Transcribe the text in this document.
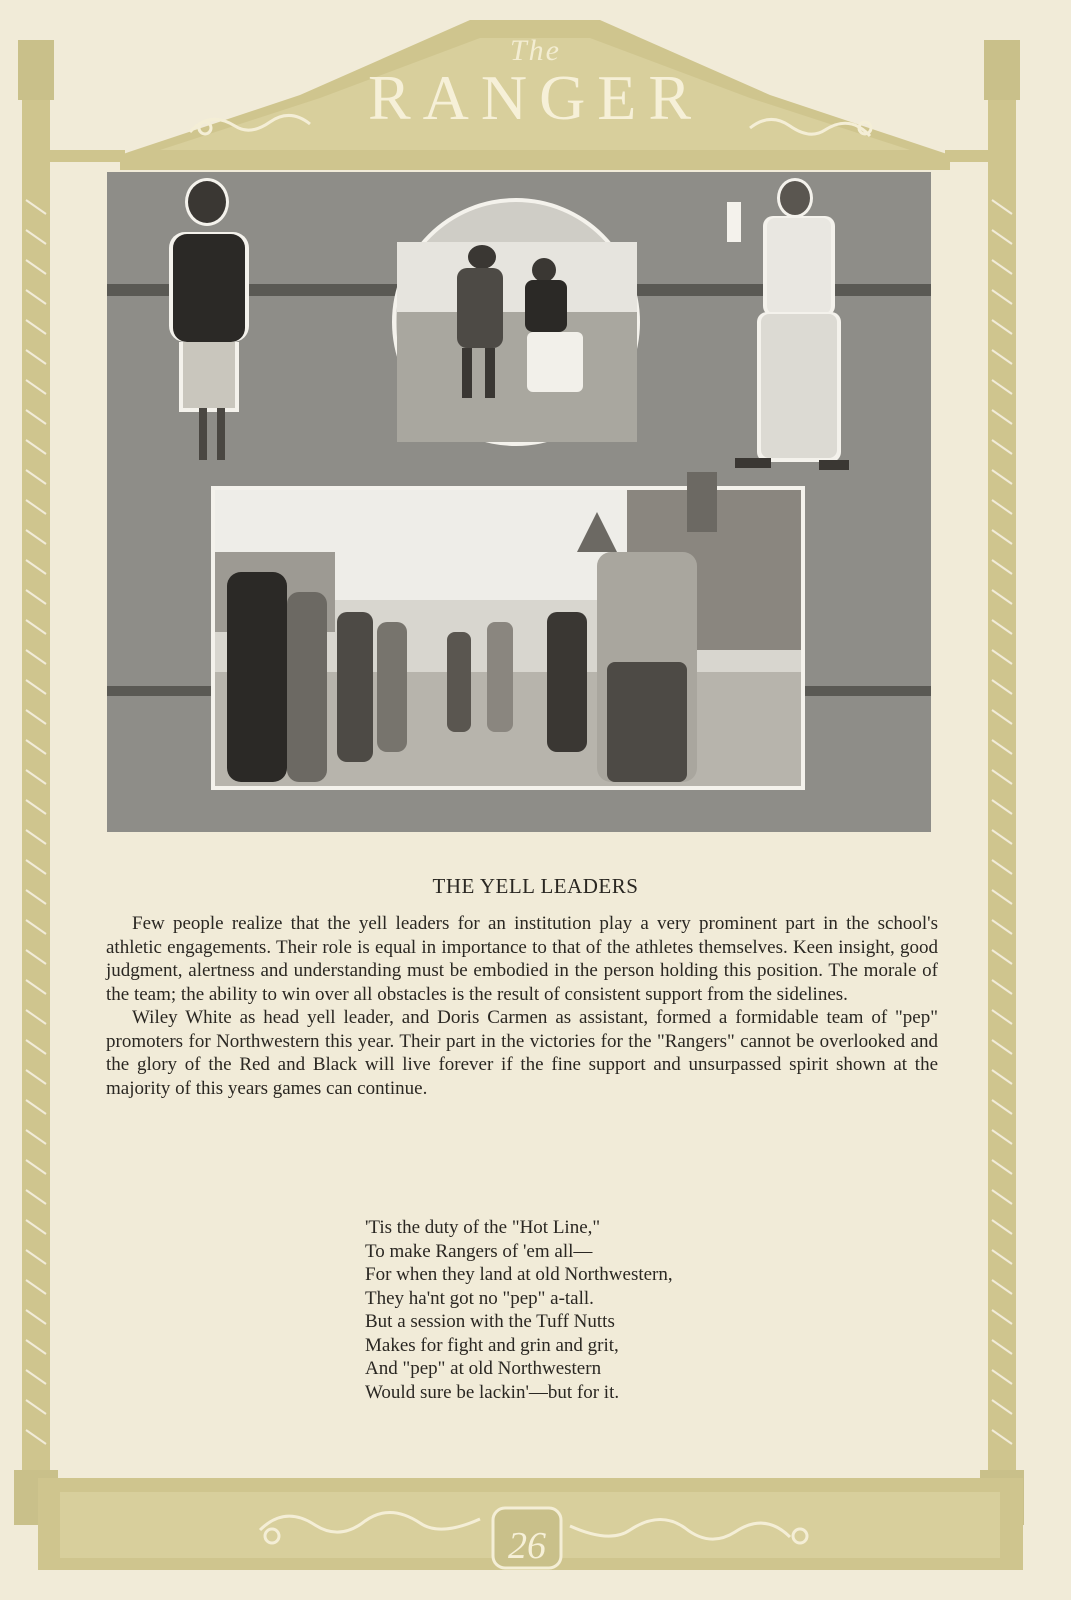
The
RANGER
THE YELL LEADERS

Few people realize that the yell leaders for an institution play a very prominent part in the school's athletic engagements. Their role is equal in importance to that of the athletes themselves. Keen insight, good judgment, alertness and understanding must be embodied in the person holding this position. The morale of the team; the ability to win over all obstacles is the result of consistent support from the sidelines.

Wiley White as head yell leader, and Doris Carmen as assistant, formed a formidable team of "pep" promoters for Northwestern this year. Their part in the victories for the "Rangers" cannot be overlooked and the glory of the Red and Black will live forever if the fine support and unsurpassed spirit shown at the majority of this years games can continue.

'Tis the duty of the "Hot Line,"
To make Rangers of 'em all—
For when they land at old Northwestern,
They ha'nt got no "pep" a-tall.
But a session with the Tuff Nutts
Makes for fight and grin and grit,
And "pep" at old Northwestern
Would sure be lackin'—but for it.
26
